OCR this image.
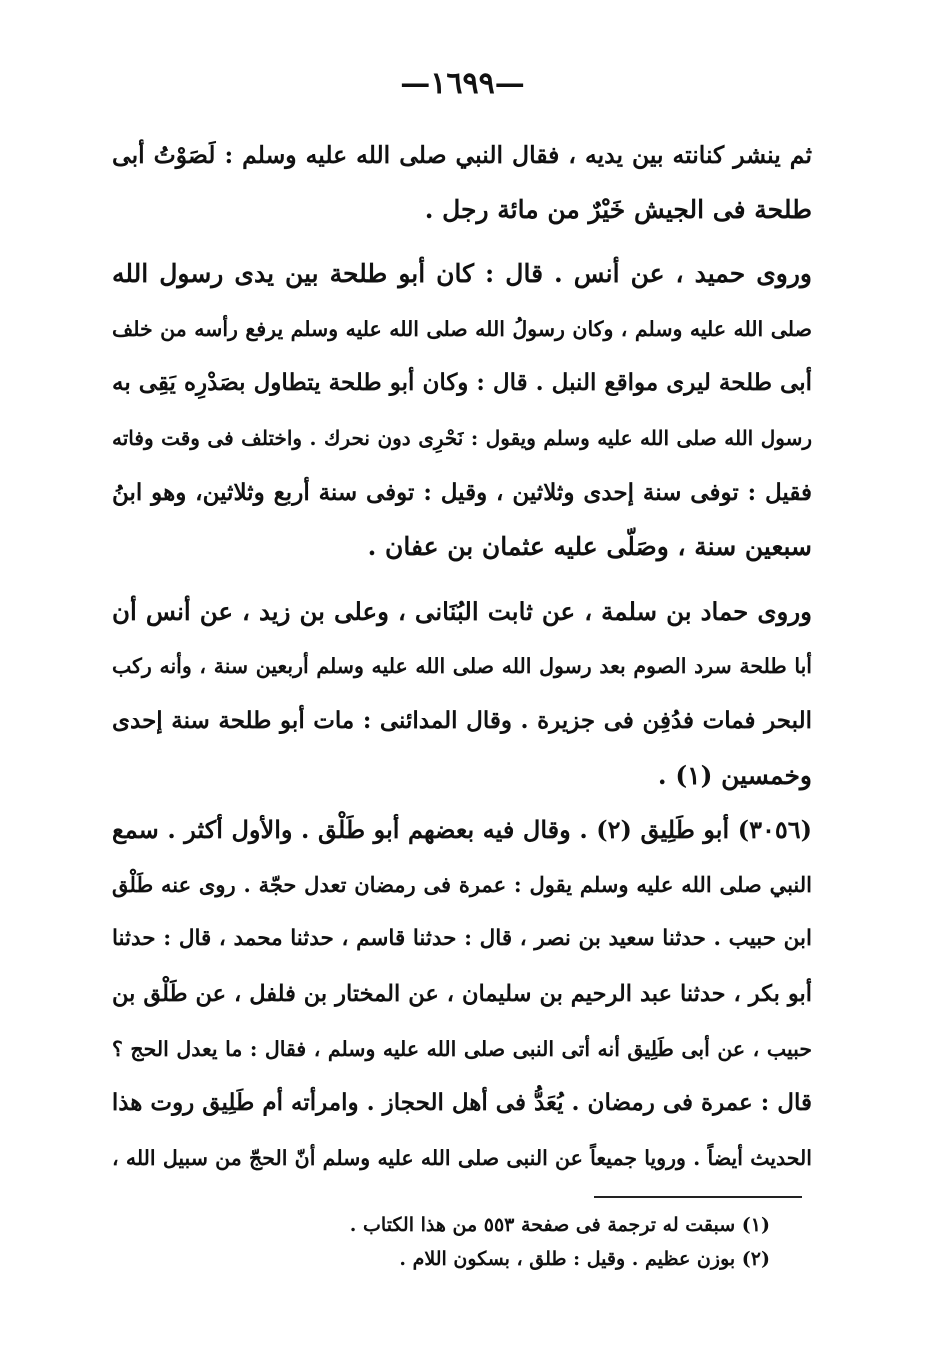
—١٦٩٩—
ثم ينشر كنانته بين يديه ، فقال النبي صلى الله عليه وسلم : لَصَوْتُ أبى
طلحة فى الجيش خَيْرٌ من مائة رجل .
وروى حميد ، عن أنس . قال : كان أبو طلحة بين يدى رسول الله
صلى الله عليه وسلم ، وكان رسولُ الله صلى الله عليه وسلم يرفع رأسه من خلف
أبى طلحة ليرى مواقع النبل . قال : وكان أبو طلحة يتطاول بصَدْرِه يَقِى به
رسول الله صلى الله عليه وسلم ويقول : نَحْرِى دون نحرك . واختلف فى وقت وفاته
فقيل : توفى سنة إحدى وثلاثين ، وقيل : توفى سنة أربع وثلاثين، وهو ابنُ
سبعين سنة ، وصَلّى عليه عثمان بن عفان .
وروى حماد بن سلمة ، عن ثابت البُنَانى ، وعلى بن زيد ، عن أنس أن
أبا طلحة سرد الصوم بعد رسول الله صلى الله عليه وسلم أربعين سنة ، وأنه ركب
البحر فمات فدُفِن فى جزيرة . وقال المدائنى : مات أبو طلحة سنة إحدى
وخمسين (١) .
(٣٠٥٦) أبو طَلِيق (٢) . وقال فيه بعضهم أبو طَلْق . والأول أكثر . سمع
النبي صلى الله عليه وسلم يقول : عمرة فى رمضان تعدل حجّة . روى عنه طَلْق
ابن حبيب . حدثنا سعيد بن نصر ، قال : حدثنا قاسم ، حدثنا محمد ، قال : حدثنا
أبو بكر ، حدثنا عبد الرحيم بن سليمان ، عن المختار بن فلفل ، عن طَلْق بن
حبيب ، عن أبى طَلِيق أنه أتى النبى صلى الله عليه وسلم ، فقال : ما يعدل الحج ؟
قال : عمرة فى رمضان . يُعَدُّ فى أهل الحجاز . وامرأته أم طَلِيق روت هذا
الحديث أيضاً . ورويا جميعاً عن النبى صلى الله عليه وسلم أنّ الحجّ من سبيل الله ،
(١) سبقت له ترجمة فى صفحة ٥٥٣ من هذا الكتاب .
(٢) بوزن عظيم . وقيل : طلق ، بسكون اللام .
